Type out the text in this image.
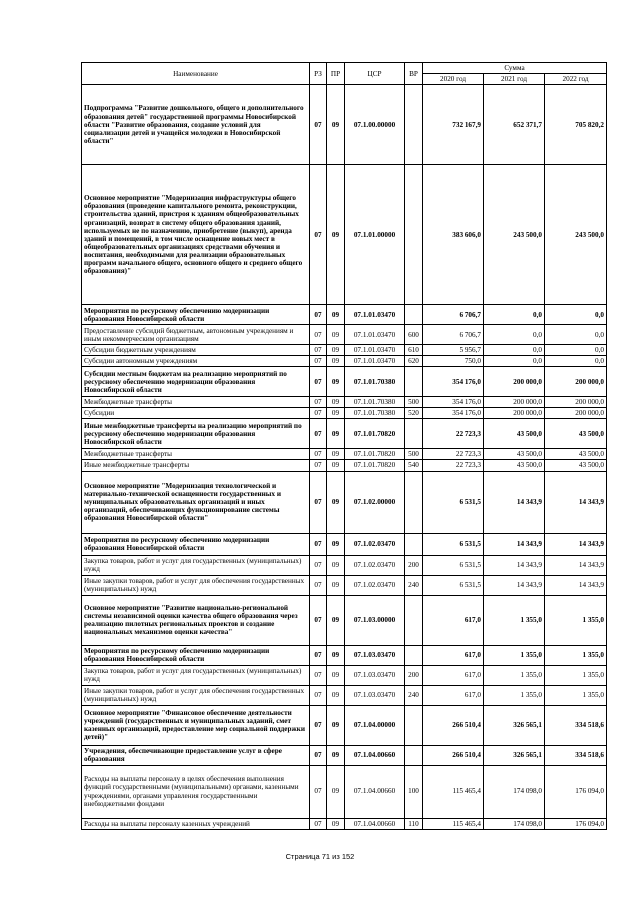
Наименование	РЗ	ПР	ЦСР	ВР	Сумма		
					2020 год	2021 год	2022 год
Подпрограмма "Развитие дошкольного, общего и дополнительного образования детей" государственной программы Новосибирской области "Развитие образования, создание условий для социализации детей и учащейся молодежи в Новосибирской области"	07	09	07.1.00.00000		732 167,9	652 371,7	705 820,2
Основное мероприятие "Модернизация инфраструктуры общего образования (проведение капитального ремонта, реконструкции, строительства зданий, пристроя к зданиям общеобразовательных организаций, возврат в систему общего образования зданий, используемых не по назначению, приобретение (выкуп), аренда зданий и помещений, в том числе оснащение новых мест в общеобразовательных организациях средствами обучения и воспитания, необходимыми для реализации образовательных программ начального общего, основного общего и среднего общего образования)"	07	09	07.1.01.00000		383 606,0	243 500,0	243 500,0
Мероприятия по ресурсному обеспечению модернизации образования Новосибирской области	07	09	07.1.01.03470		6 706,7	0,0	0,0
Предоставление субсидий бюджетным, автономным учреждениям и иным некоммерческим организациям	07	09	07.1.01.03470	600	6 706,7	0,0	0,0
Субсидии бюджетным учреждениям	07	09	07.1.01.03470	610	5 956,7	0,0	0,0
Субсидии автономным учреждениям	07	09	07.1.01.03470	620	750,0	0,0	0,0
Субсидии местным бюджетам на реализацию мероприятий по ресурсному обеспечению модернизации образования Новосибирской области	07	09	07.1.01.70380		354 176,0	200 000,0	200 000,0
Межбюджетные трансферты	07	09	07.1.01.70380	500	354 176,0	200 000,0	200 000,0
Субсидии	07	09	07.1.01.70380	520	354 176,0	200 000,0	200 000,0
Иные межбюджетные трансферты на реализацию мероприятий по ресурсному обеспечению модернизации образования Новосибирской области	07	09	07.1.01.70820		22 723,3	43 500,0	43 500,0
Межбюджетные трансферты	07	09	07.1.01.70820	500	22 723,3	43 500,0	43 500,0
Иные межбюджетные трансферты	07	09	07.1.01.70820	540	22 723,3	43 500,0	43 500,0
Основное мероприятие "Модернизация технологической и материально-технической оснащенности государственных и муниципальных образовательных организаций и иных организаций, обеспечивающих функционирование системы образования Новосибирской области"	07	09	07.1.02.00000		6 531,5	14 343,9	14 343,9
Мероприятия по ресурсному обеспечению модернизации образования Новосибирской области	07	09	07.1.02.03470		6 531,5	14 343,9	14 343,9
Закупка товаров, работ и услуг для государственных (муниципальных) нужд	07	09	07.1.02.03470	200	6 531,5	14 343,9	14 343,9
Иные закупки товаров, работ и услуг для обеспечения государственных (муниципальных) нужд	07	09	07.1.02.03470	240	6 531,5	14 343,9	14 343,9
Основное мероприятие "Развитие национально-региональной системы независимой оценки качества общего образования через реализацию пилотных региональных проектов и создание национальных механизмов оценки качества"	07	09	07.1.03.00000		617,0	1 355,0	1 355,0
Мероприятия по ресурсному обеспечению модернизации образования Новосибирской области	07	09	07.1.03.03470		617,0	1 355,0	1 355,0
Закупка товаров, работ и услуг для государственных (муниципальных) нужд	07	09	07.1.03.03470	200	617,0	1 355,0	1 355,0
Иные закупки товаров, работ и услуг для обеспечения государственных (муниципальных) нужд	07	09	07.1.03.03470	240	617,0	1 355,0	1 355,0
Основное мероприятие "Финансовое обеспечение деятельности учреждений (государственных и муниципальных заданий, смет казенных организаций, предоставление мер социальной поддержки детей)"	07	09	07.1.04.00000		266 510,4	326 565,1	334 518,6
Учреждения, обеспечивающие предоставление услуг в сфере образования	07	09	07.1.04.00660		266 510,4	326 565,1	334 518,6
Расходы на выплаты персоналу в целях обеспечения выполнения функций государственными (муниципальными) органами, казенными учреждениями, органами управления государственными внебюджетными фондами	07	09	07.1.04.00660	100	115 465,4	174 098,0	176 094,0
Расходы на выплаты персоналу казенных учреждений	07	09	07.1.04.00660	110	115 465,4	174 098,0	176 094,0
Страница 71 из 152
